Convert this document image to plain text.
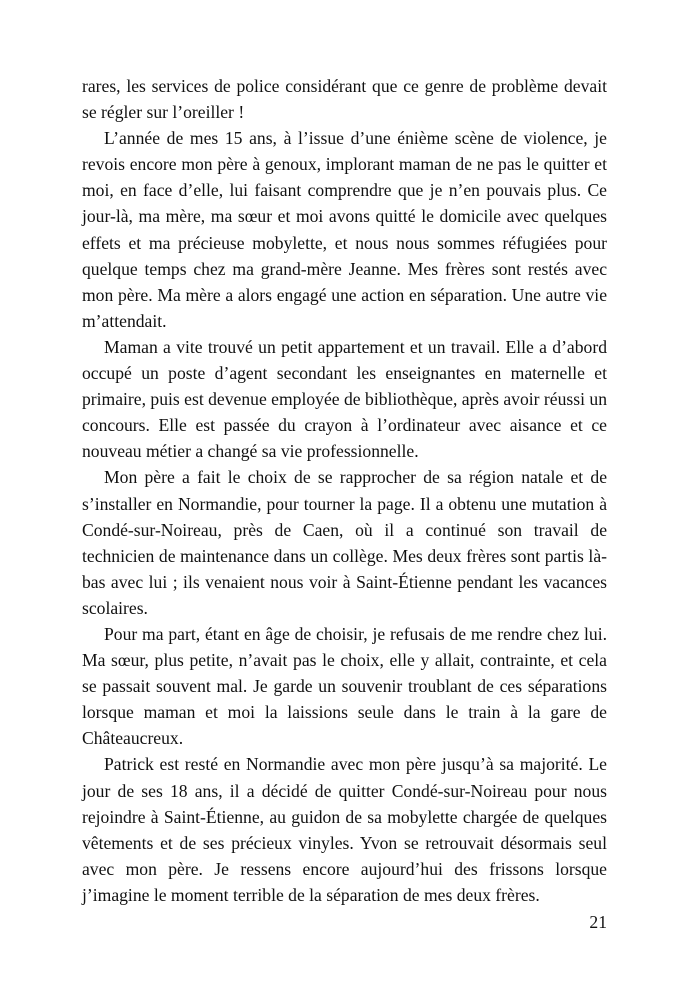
rares, les services de police considérant que ce genre de problème devait se régler sur l’oreiller !

L’année de mes 15 ans, à l’issue d’une énième scène de violence, je revois encore mon père à genoux, implorant maman de ne pas le quitter et moi, en face d’elle, lui faisant comprendre que je n’en pouvais plus. Ce jour-là, ma mère, ma sœur et moi avons quitté le domicile avec quelques effets et ma précieuse mobylette, et nous nous sommes réfugiées pour quelque temps chez ma grand-mère Jeanne. Mes frères sont restés avec mon père. Ma mère a alors engagé une action en séparation. Une autre vie m’attendait.

Maman a vite trouvé un petit appartement et un travail. Elle a d’abord occupé un poste d’agent secondant les enseignantes en maternelle et primaire, puis est devenue employée de bibliothèque, après avoir réussi un concours. Elle est passée du crayon à l’ordinateur avec aisance et ce nouveau métier a changé sa vie professionnelle.

Mon père a fait le choix de se rapprocher de sa région natale et de s’installer en Normandie, pour tourner la page. Il a obtenu une mutation à Condé-sur-Noireau, près de Caen, où il a continué son travail de technicien de maintenance dans un collège. Mes deux frères sont partis là-bas avec lui ; ils venaient nous voir à Saint-Étienne pendant les vacances scolaires.

Pour ma part, étant en âge de choisir, je refusais de me rendre chez lui. Ma sœur, plus petite, n’avait pas le choix, elle y allait, contrainte, et cela se passait souvent mal. Je garde un souvenir troublant de ces séparations lorsque maman et moi la laissions seule dans le train à la gare de Châteaucreux.

Patrick est resté en Normandie avec mon père jusqu’à sa majorité. Le jour de ses 18 ans, il a décidé de quitter Condé-sur-Noireau pour nous rejoindre à Saint-Étienne, au guidon de sa mobylette chargée de quelques vêtements et de ses précieux vinyles. Yvon se retrouvait désormais seul avec mon père. Je ressens encore aujourd’hui des frissons lorsque j’imagine le moment terrible de la séparation de mes deux frères.

21
